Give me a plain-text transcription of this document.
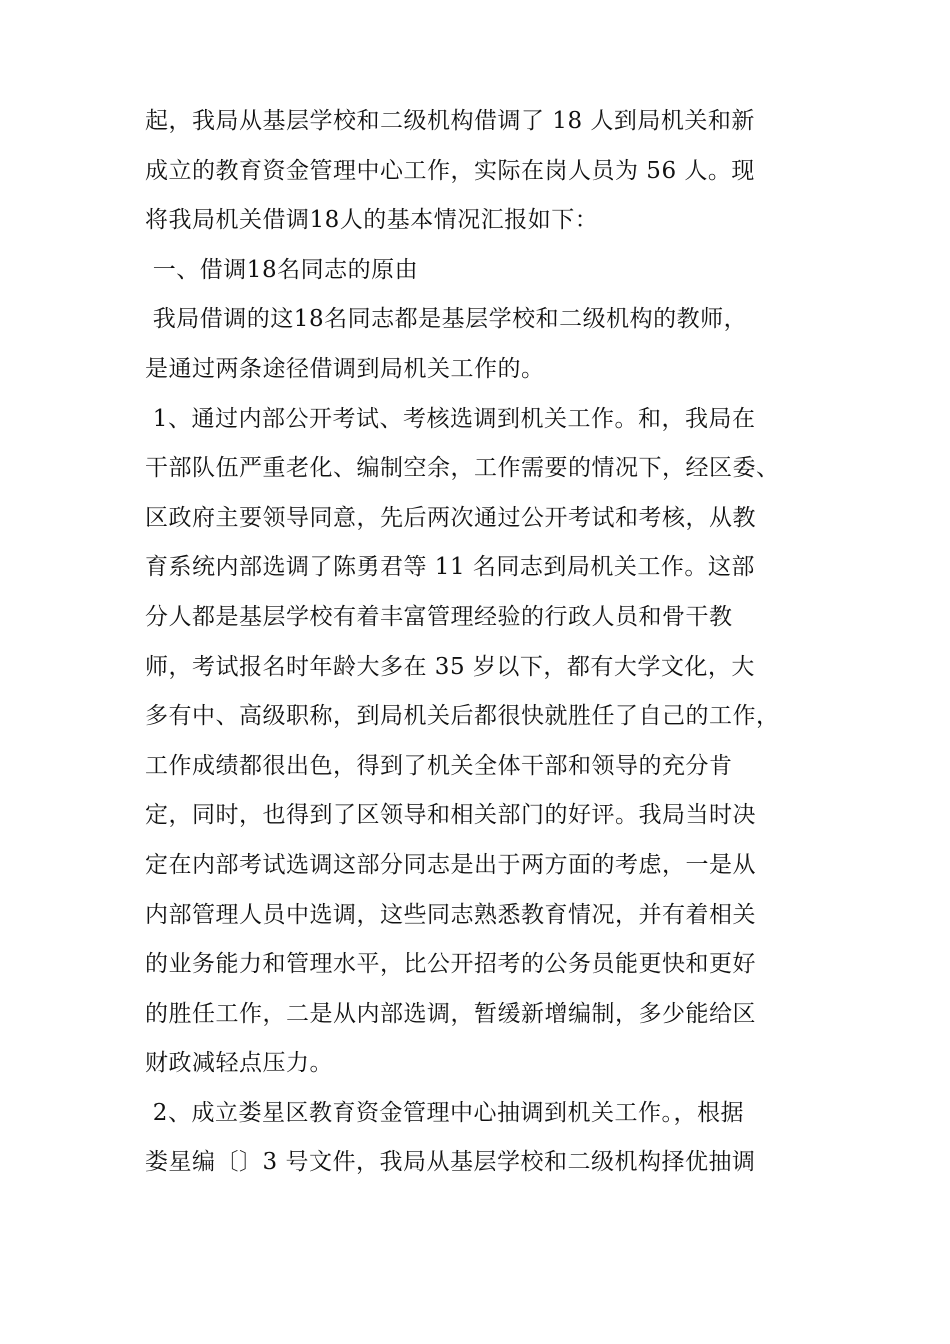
起，我局从基层学校和二级机构借调了 18 人到局机关和新
成立的教育资金管理中心工作，实际在岗人员为 56 人。现
将我局机关借调18人的基本情况汇报如下：
一、借调18名同志的原由
我局借调的这18名同志都是基层学校和二级机构的教师，
是通过两条途径借调到局机关工作的。
1、通过内部公开考试、考核选调到机关工作。和，我局在
干部队伍严重老化、编制空余，工作需要的情况下，经区委、
区政府主要领导同意，先后两次通过公开考试和考核，从教
育系统内部选调了陈勇君等 11 名同志到局机关工作。这部
分人都是基层学校有着丰富管理经验的行政人员和骨干教
师，考试报名时年龄大多在 35 岁以下，都有大学文化，大
多有中、高级职称，到局机关后都很快就胜任了自己的工作，
工作成绩都很出色，得到了机关全体干部和领导的充分肯
定，同时，也得到了区领导和相关部门的好评。我局当时决
定在内部考试选调这部分同志是出于两方面的考虑，一是从
内部管理人员中选调，这些同志熟悉教育情况，并有着相关
的业务能力和管理水平，比公开招考的公务员能更快和更好
的胜任工作，二是从内部选调，暂缓新增编制，多少能给区
财政减轻点压力。
2、成立娄星区教育资金管理中心抽调到机关工作。，根据
娄星编〔〕3 号文件，我局从基层学校和二级机构择优抽调
